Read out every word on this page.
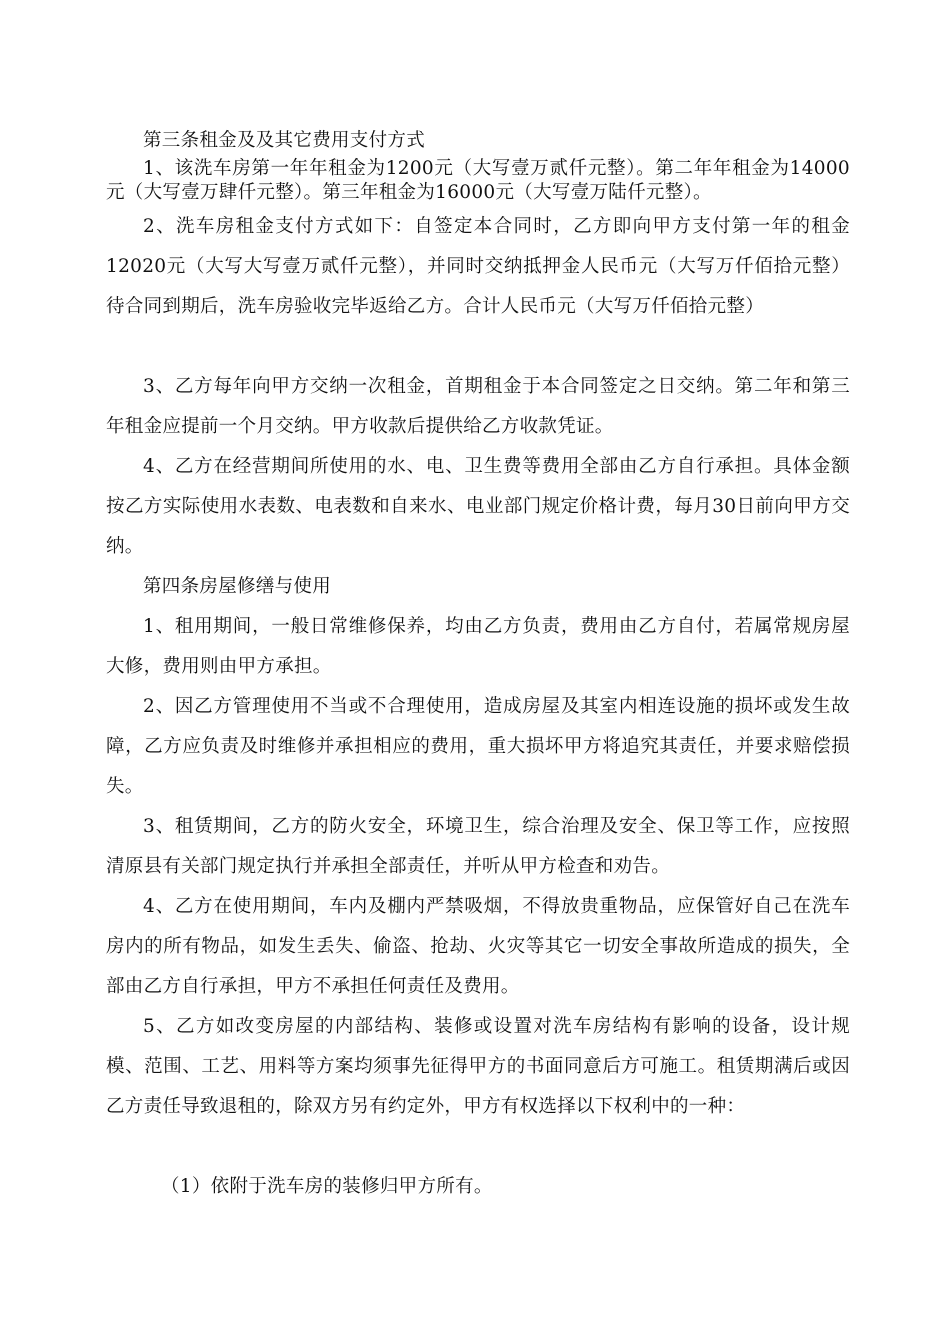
第三条租金及及其它费用支付方式

1、该洗车房第一年年租金为1200元（大写壹万贰仟元整）。第二年年租金为14000元（大写壹万肆仟元整）。第三年租金为16000元（大写壹万陆仟元整）。

2、洗车房租金支付方式如下：自签定本合同时，乙方即向甲方支付第一年的租金12020元（大写大写壹万贰仟元整），并同时交纳抵押金人民币元（大写万仟佰拾元整）待合同到期后，洗车房验收完毕返给乙方。合计人民币元（大写万仟佰拾元整）

3、乙方每年向甲方交纳一次租金，首期租金于本合同签定之日交纳。第二年和第三年租金应提前一个月交纳。甲方收款后提供给乙方收款凭证。

4、乙方在经营期间所使用的水、电、卫生费等费用全部由乙方自行承担。具体金额按乙方实际使用水表数、电表数和自来水、电业部门规定价格计费，每月30日前向甲方交纳。

第四条房屋修缮与使用

1、租用期间，一般日常维修保养，均由乙方负责，费用由乙方自付，若属常规房屋大修，费用则由甲方承担。

2、因乙方管理使用不当或不合理使用，造成房屋及其室内相连设施的损坏或发生故障，乙方应负责及时维修并承担相应的费用，重大损坏甲方将追究其责任，并要求赔偿损失。

3、租赁期间，乙方的防火安全，环境卫生，综合治理及安全、保卫等工作，应按照清原县有关部门规定执行并承担全部责任，并听从甲方检查和劝告。

4、乙方在使用期间，车内及棚内严禁吸烟，不得放贵重物品，应保管好自己在洗车房内的所有物品，如发生丢失、偷盗、抢劫、火灾等其它一切安全事故所造成的损失，全部由乙方自行承担，甲方不承担任何责任及费用。

5、乙方如改变房屋的内部结构、装修或设置对洗车房结构有影响的设备，设计规模、范围、工艺、用料等方案均须事先征得甲方的书面同意后方可施工。租赁期满后或因乙方责任导致退租的，除双方另有约定外，甲方有权选择以下权利中的一种：

（1）依附于洗车房的装修归甲方所有。
